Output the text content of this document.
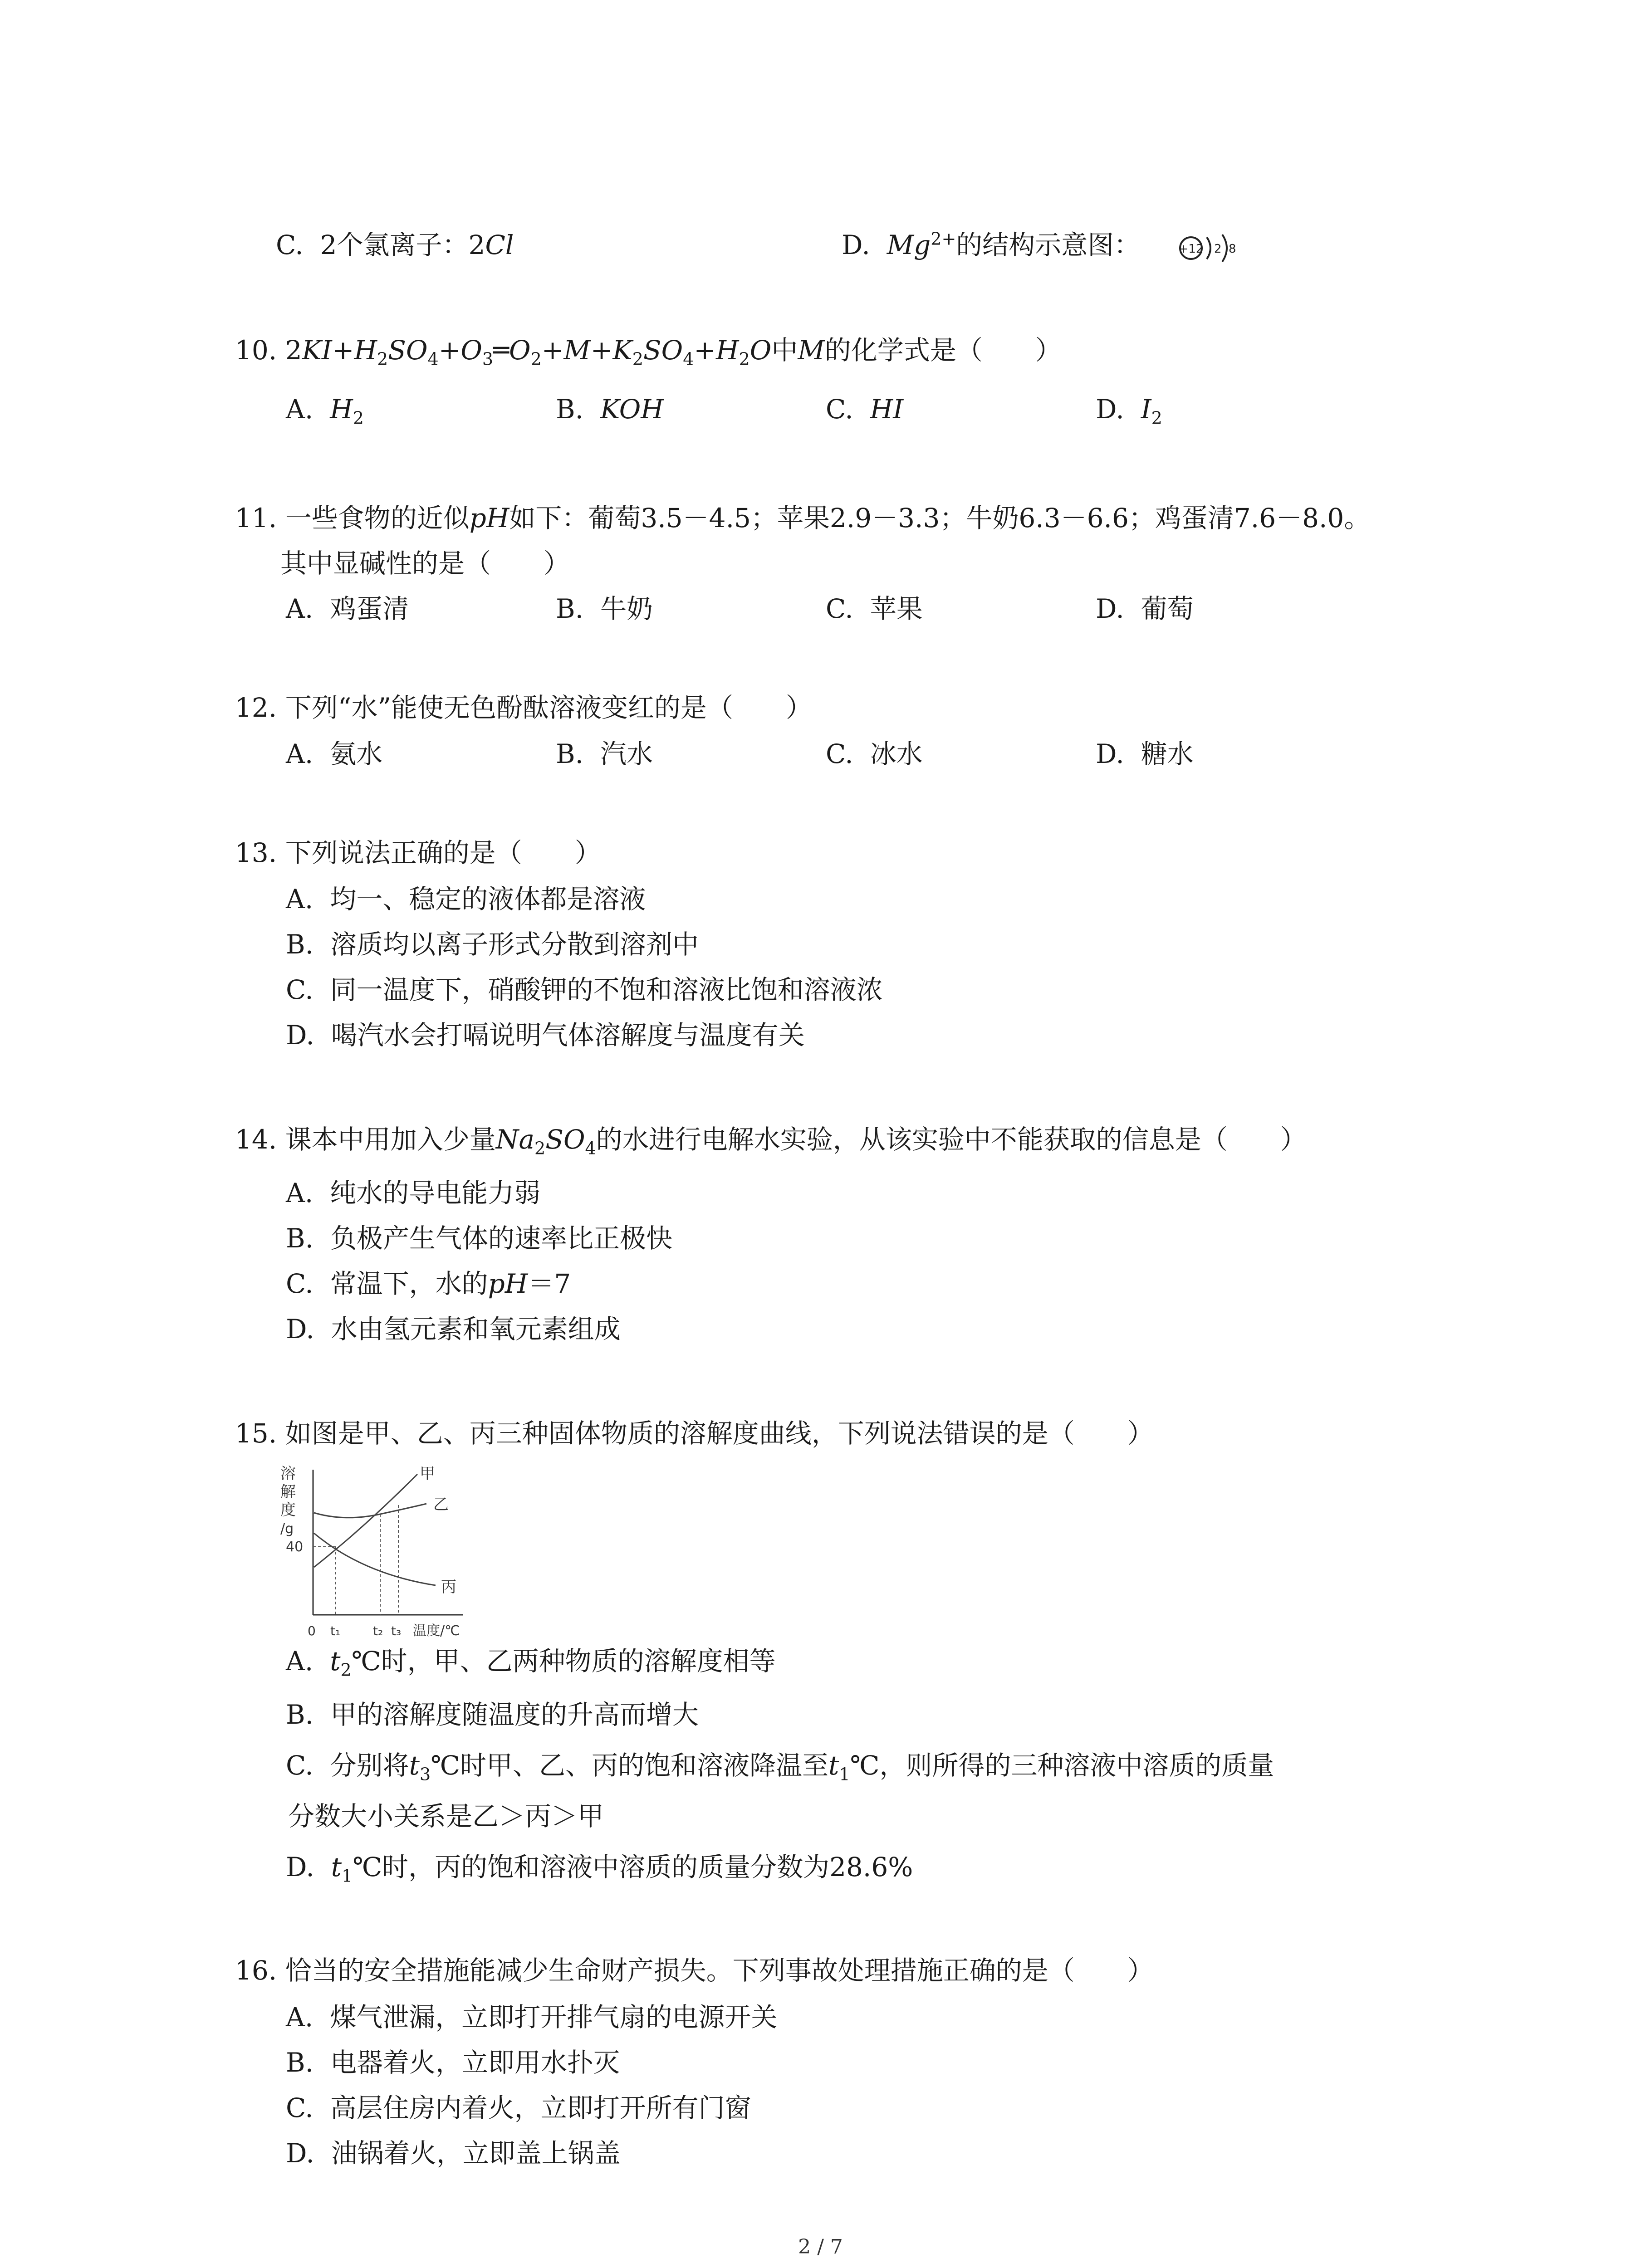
C. 2个氯离子：2Cl	D. $Mg^{2+}$的结构示意图：	+12 2 8
10. $2KI+H_2SO_4+O_3═O_2+M+K_2SO_4+H_2O$中M的化学式是（　　）
A. $H_2$	B. KOH	C. HI	D. $I_2$
11. 一些食物的近似pH如下：葡萄3.5－4.5；苹果2.9－3.3；牛奶6.3－6.6；鸡蛋清7.6－8.0。
其中显碱性的是（　　）
A. 鸡蛋清	B. 牛奶	C. 苹果	D. 葡萄
12. 下列“水”能使无色酚酞溶液变红的是（　　）
A. 氨水	B. 汽水	C. 冰水	D. 糖水
13. 下列说法正确的是（　　）
A. 均一、稳定的液体都是溶液
B. 溶质均以离子形式分散到溶剂中
C. 同一温度下，硝酸钾的不饱和溶液比饱和溶液浓
D. 喝汽水会打嗝说明气体溶解度与温度有关
14. 课本中用加入少量$Na_2SO_4$的水进行电解水实验，从该实验中不能获取的信息是（　　）
A. 纯水的导电能力弱
B. 负极产生气体的速率比正极快
C. 常温下，水的pH＝7
D. 水由氢元素和氧元素组成
15. 如图是甲、乙、丙三种固体物质的溶解度曲线，下列说法错误的是（　　）
溶
解
度
/g
40
甲
乙
丙
0 t₁	t₂ t₃ 温度/℃
A. $t_2℃$时，甲、乙两种物质的溶解度相等
B. 甲的溶解度随温度的升高而增大
C. 分别将$t_3℃$时甲、乙、丙的饱和溶液降温至$t_1℃$，则所得的三种溶液中溶质的质量
分数大小关系是乙＞丙＞甲
D. $t_1℃$时，丙的饱和溶液中溶质的质量分数为28.6%
16. 恰当的安全措施能减少生命财产损失。下列事故处理措施正确的是（　　）
A. 煤气泄漏，立即打开排气扇的电源开关
B. 电器着火，立即用水扑灭
C. 高层住房内着火，立即打开所有门窗
D. 油锅着火，立即盖上锅盖
2 / 7
